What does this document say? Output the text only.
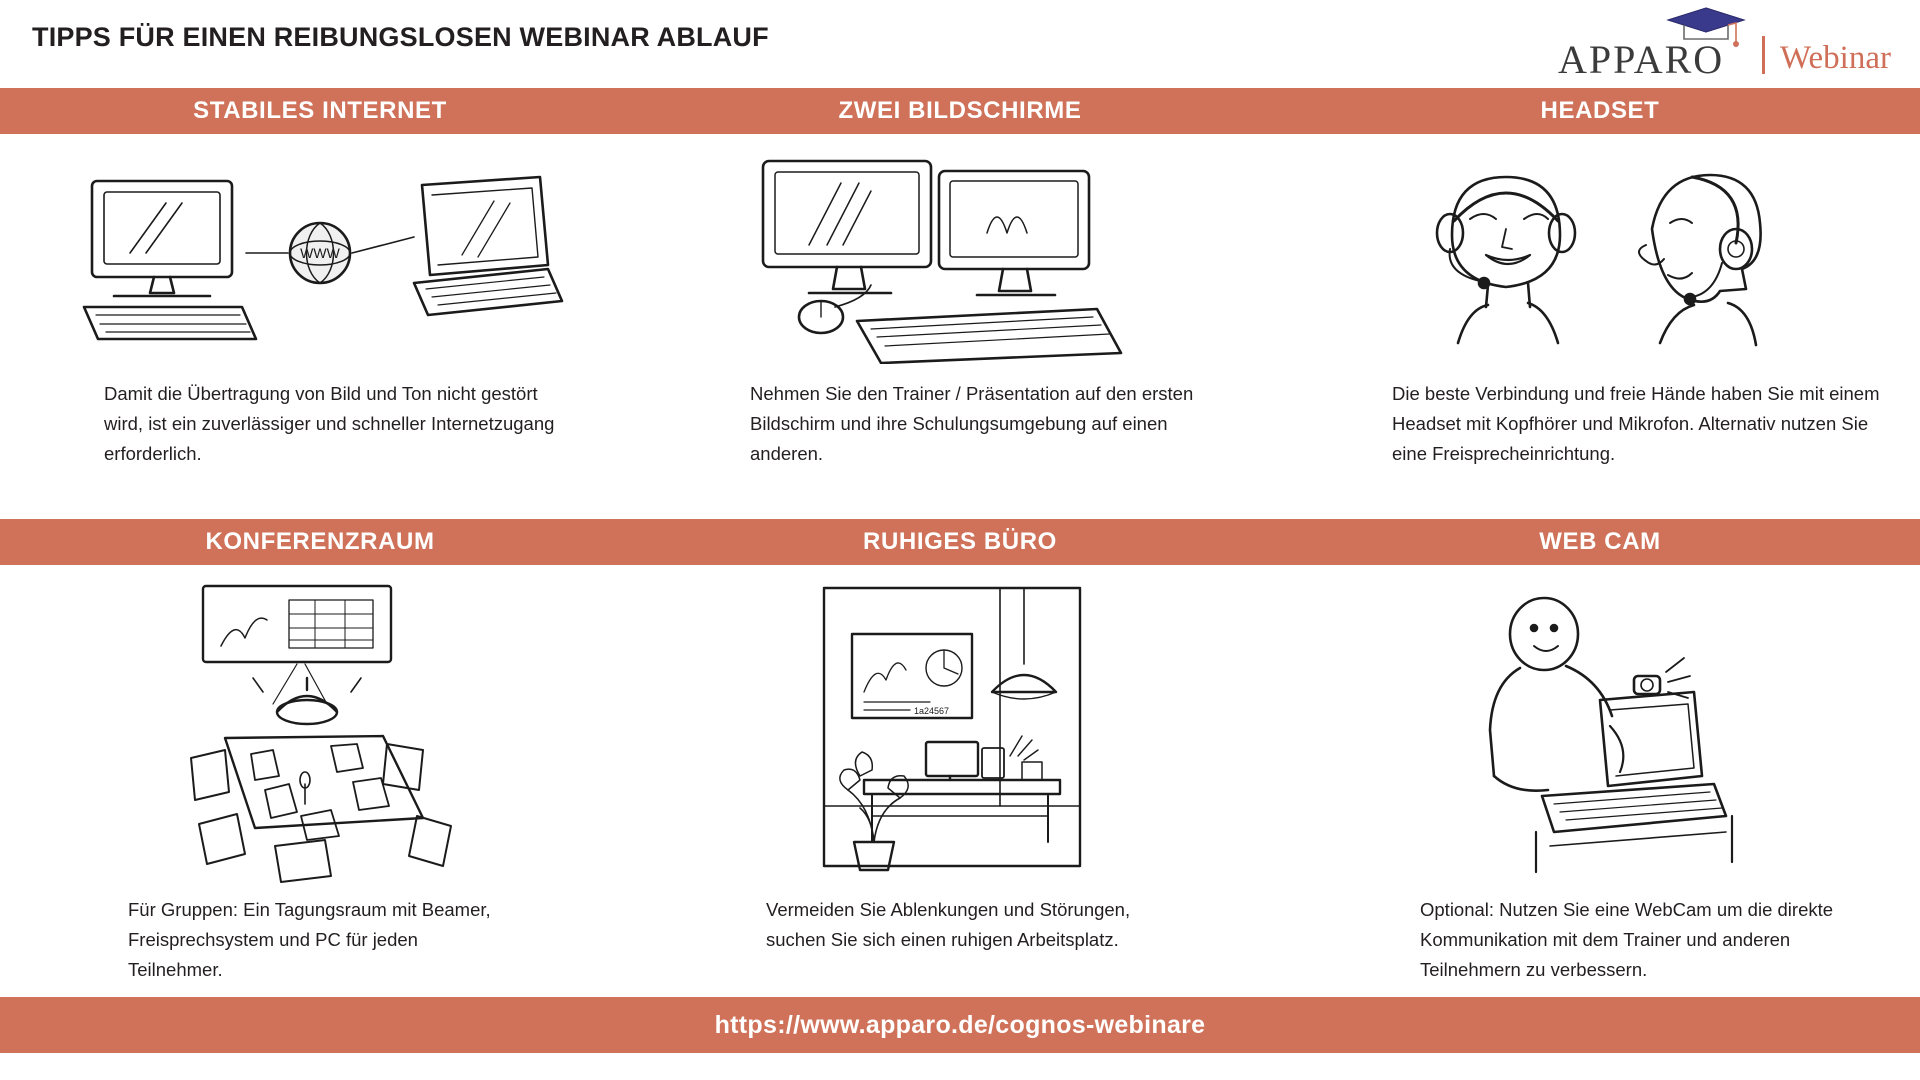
TIPPS FÜR EINEN REIBUNGSLOSEN WEBINAR ABLAUF	APPARO Webinar
STABILES INTERNET	ZWEI BILDSCHIRME	HEADSET
WWW
Damit die Übertragung von Bild und Ton nicht gestört wird, ist ein zuverlässiger und schneller Internetzugang erforderlich.
Nehmen Sie den Trainer / Präsentation auf den ersten Bildschirm und ihre Schulungsumgebung auf einen anderen.
Die beste Verbindung und freie Hände haben Sie mit einem Headset mit Kopfhörer und Mikrofon. Alternativ nutzen Sie eine Freisprecheinrichtung.
KONFERENZRAUM	RUHIGES BÜRO	WEB CAM
Für Gruppen: Ein Tagungsraum mit Beamer, Freisprechsystem und PC für jeden Teilnehmer.
1a24567
Vermeiden Sie Ablenkungen und Störungen, suchen Sie sich einen ruhigen Arbeitsplatz.
Optional: Nutzen Sie eine WebCam um die direkte Kommunikation mit dem Trainer und anderen Teilnehmern zu verbessern.
https://www.apparo.de/cognos-webinare
